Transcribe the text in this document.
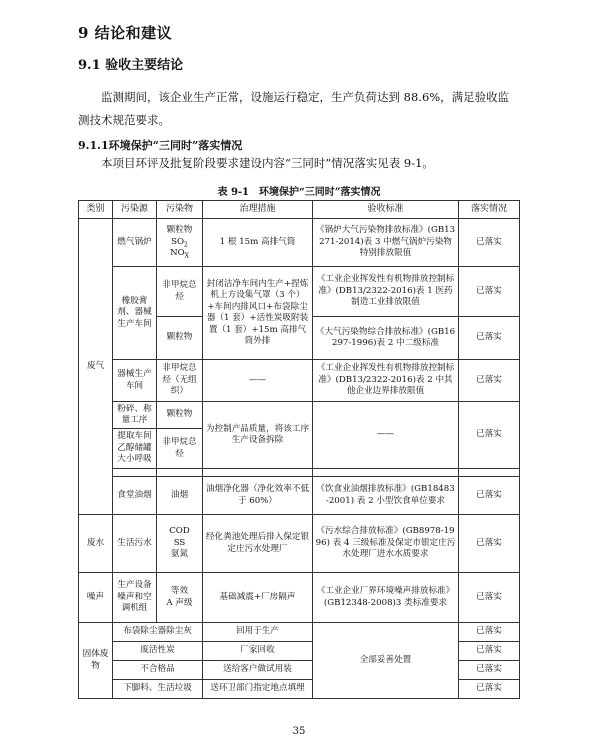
9 结论和建议
9.1 验收主要结论
监测期间，该企业生产正常，设施运行稳定，生产负荷达到 88.6%，满足验收监测技术规范要求。
9.1.1环境保护“三同时”落实情况
本项目环评及批复阶段要求建设内容“三同时”情况落实见表 9-1。
表 9-1　环境保护“三同时”落实情况
类别	污染源	污染物	治理措施	验收标准	落实情况
废气	燃气锅炉	颗粒物
$SO_2$
$NO_X$	1 根 15m 高排气筒	《锅炉大气污染物排放标准》(GB13271-2014)表 3 中燃气锅炉污染物特别排放限值	已落实
	橡胶膏剂、器械生产车间	非甲烷总烃	封闭洁净车间内生产+捏炼机上方设集气罩（3 个）+车间内排风口+布袋除尘器（1 套）+活性炭吸附装置（1 套）+15m 高排气筒外排	《工业企业挥发性有机物排放控制标准》(DB13/2322-2016)表 1 医药制造工业排放限值	已落实
		颗粒物		《大气污染物综合排放标准》(GB16297-1996)表 2 中二级标准	已落实
	器械生产车间	非甲烷总烃（无组织）	——	《工业企业挥发性有机物排放控制标准》(DB13/2322-2016)表 2 中其他企业边界排放限值	已落实
	粉碎、称量工序	颗粒物	为控制产品质量，将该工序生产设备拆除	——	已落实
	提取车间乙醇储罐大小呼吸	非甲烷总烃			

	食堂油烟	油烟	油烟净化器（净化效率不低于 60%）	《饮食业油烟排放标准》(GB18483-2001) 表 2 小型饮食单位要求	已落实
废水	生活污水	COD
SS
氨氮	经化粪池处理后排入保定银定庄污水处理厂	《污水综合排放标准》(GB8978-1996) 表 4 三级标准及保定市银定庄污水处理厂进水水质要求	已落实
噪声	生产设备噪声和空调机组	等效
A 声级	基础减震+厂房隔声	《工业企业厂界环境噪声排放标准》(GB12348-2008)3 类标准要求	已落实
固体废物	布袋除尘器除尘灰		回用于生产	全部妥善处置	已落实
	废活性炭		厂家回收		已落实
	不合格品		送给客户做试用装		已落实
	下脚料、生活垃圾		送环卫部门指定地点填埋		已落实
35
